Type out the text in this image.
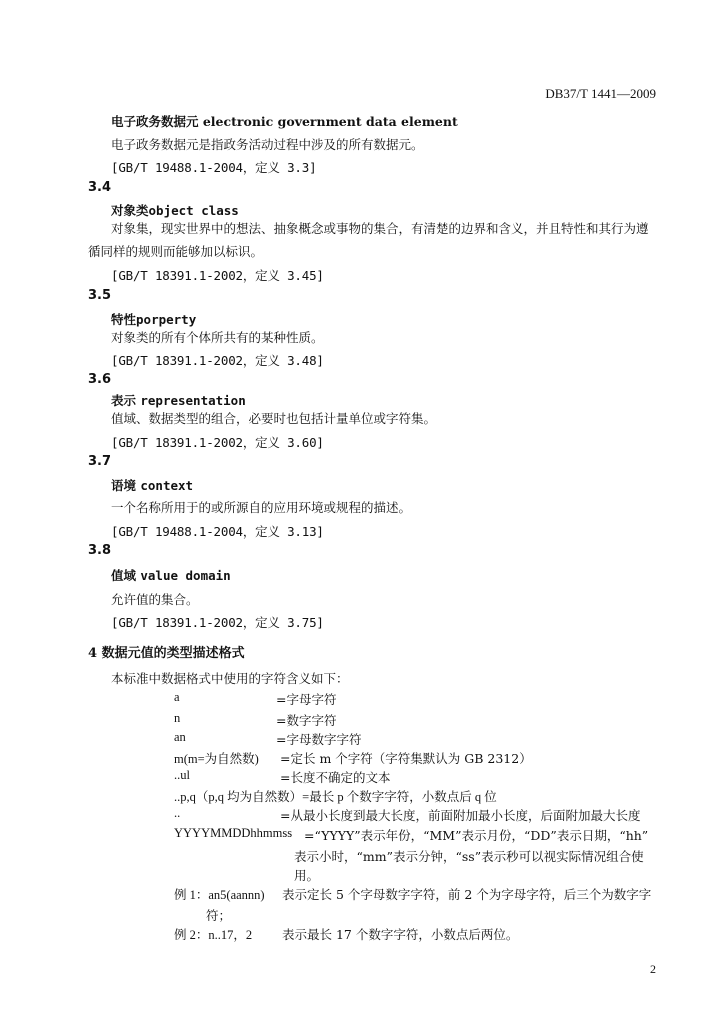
DB37/T 1441—2009
电子政务数据元 electronic government data element
电子政务数据元是指政务活动过程中涉及的所有数据元。
[GB/T 19488.1-2004，定义 3.3]
3.4
对象类object class
对象集，现实世界中的想法、抽象概念或事物的集合，有清楚的边界和含义，并且特性和其行为遵循同样的规则而能够加以标识。
[GB/T 18391.1-2002，定义 3.45]
3.5
特性porperty
对象类的所有个体所共有的某种性质。
[GB/T 18391.1-2002，定义 3.48]
3.6
表示 representation
值域、数据类型的组合，必要时也包括计量单位或字符集。
[GB/T 18391.1-2002，定义 3.60]
3.7
语境 context
一个名称所用于的或所源自的应用环境或规程的描述。
[GB/T 19488.1-2004，定义 3.13]
3.8
值域 value domain
允许值的集合。
[GB/T 18391.1-2002，定义 3.75]
4 数据元值的类型描述格式
本标准中数据格式中使用的字符含义如下：
a	=字母字符
n	=数字字符
an	=字母数字字符
m(m=为自然数) =定长 m 个字符（字符集默认为 GB 2312）
..ul	=长度不确定的文本
..p,q（p,q 均为自然数）=最长 p 个数字字符，小数点后 q 位
..	=从最小长度到最大长度，前面附加最小长度，后面附加最大长度
YYYYMMDDhhmmss =“YYYY”表示年份，“MM”表示月份，“DD”表示日期，“hh”
表示小时，“mm”表示分钟，“ss”表示秒可以视实际情况组合使
用。
例 1：an5(aannn) 表示定长 5 个字母数字字符，前 2 个为字母字符，后三个为数字字
符；
例 2：n..17，2 表示最长 17 个数字字符，小数点后两位。
2
